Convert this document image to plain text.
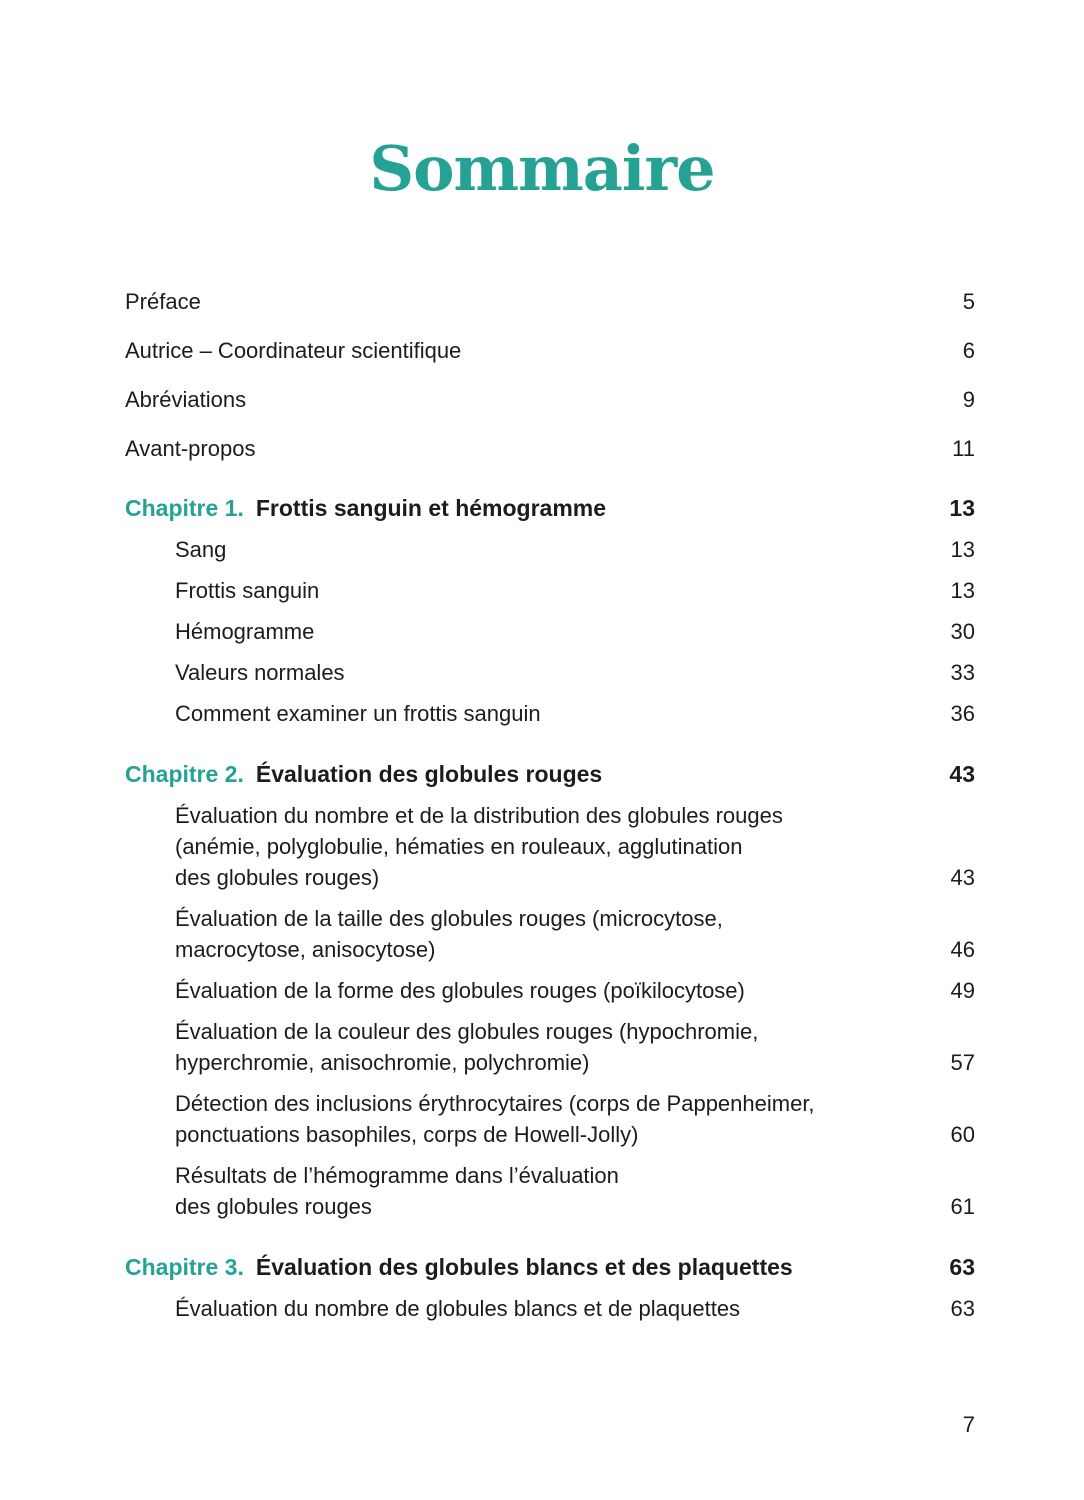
Sommaire
Préface	5
Autrice – Coordinateur scientifique	6
Abréviations	9
Avant-propos	11
Chapitre 1. Frottis sanguin et hémogramme	13
Sang	13
Frottis sanguin	13
Hémogramme	30
Valeurs normales	33
Comment examiner un frottis sanguin	36
Chapitre 2. Évaluation des globules rouges	43
Évaluation du nombre et de la distribution des globules rouges
(anémie, polyglobulie, hématies en rouleaux, agglutination
des globules rouges)	43
Évaluation de la taille des globules rouges (microcytose,
macrocytose, anisocytose)	46
Évaluation de la forme des globules rouges (poïkilocytose)	49
Évaluation de la couleur des globules rouges (hypochromie,
hyperchromie, anisochromie, polychromie)	57
Détection des inclusions érythrocytaires (corps de Pappenheimer,
ponctuations basophiles, corps de Howell-Jolly)	60
Résultats de l’hémogramme dans l’évaluation
des globules rouges	61
Chapitre 3. Évaluation des globules blancs et des plaquettes	63
Évaluation du nombre de globules blancs et de plaquettes	63
7
